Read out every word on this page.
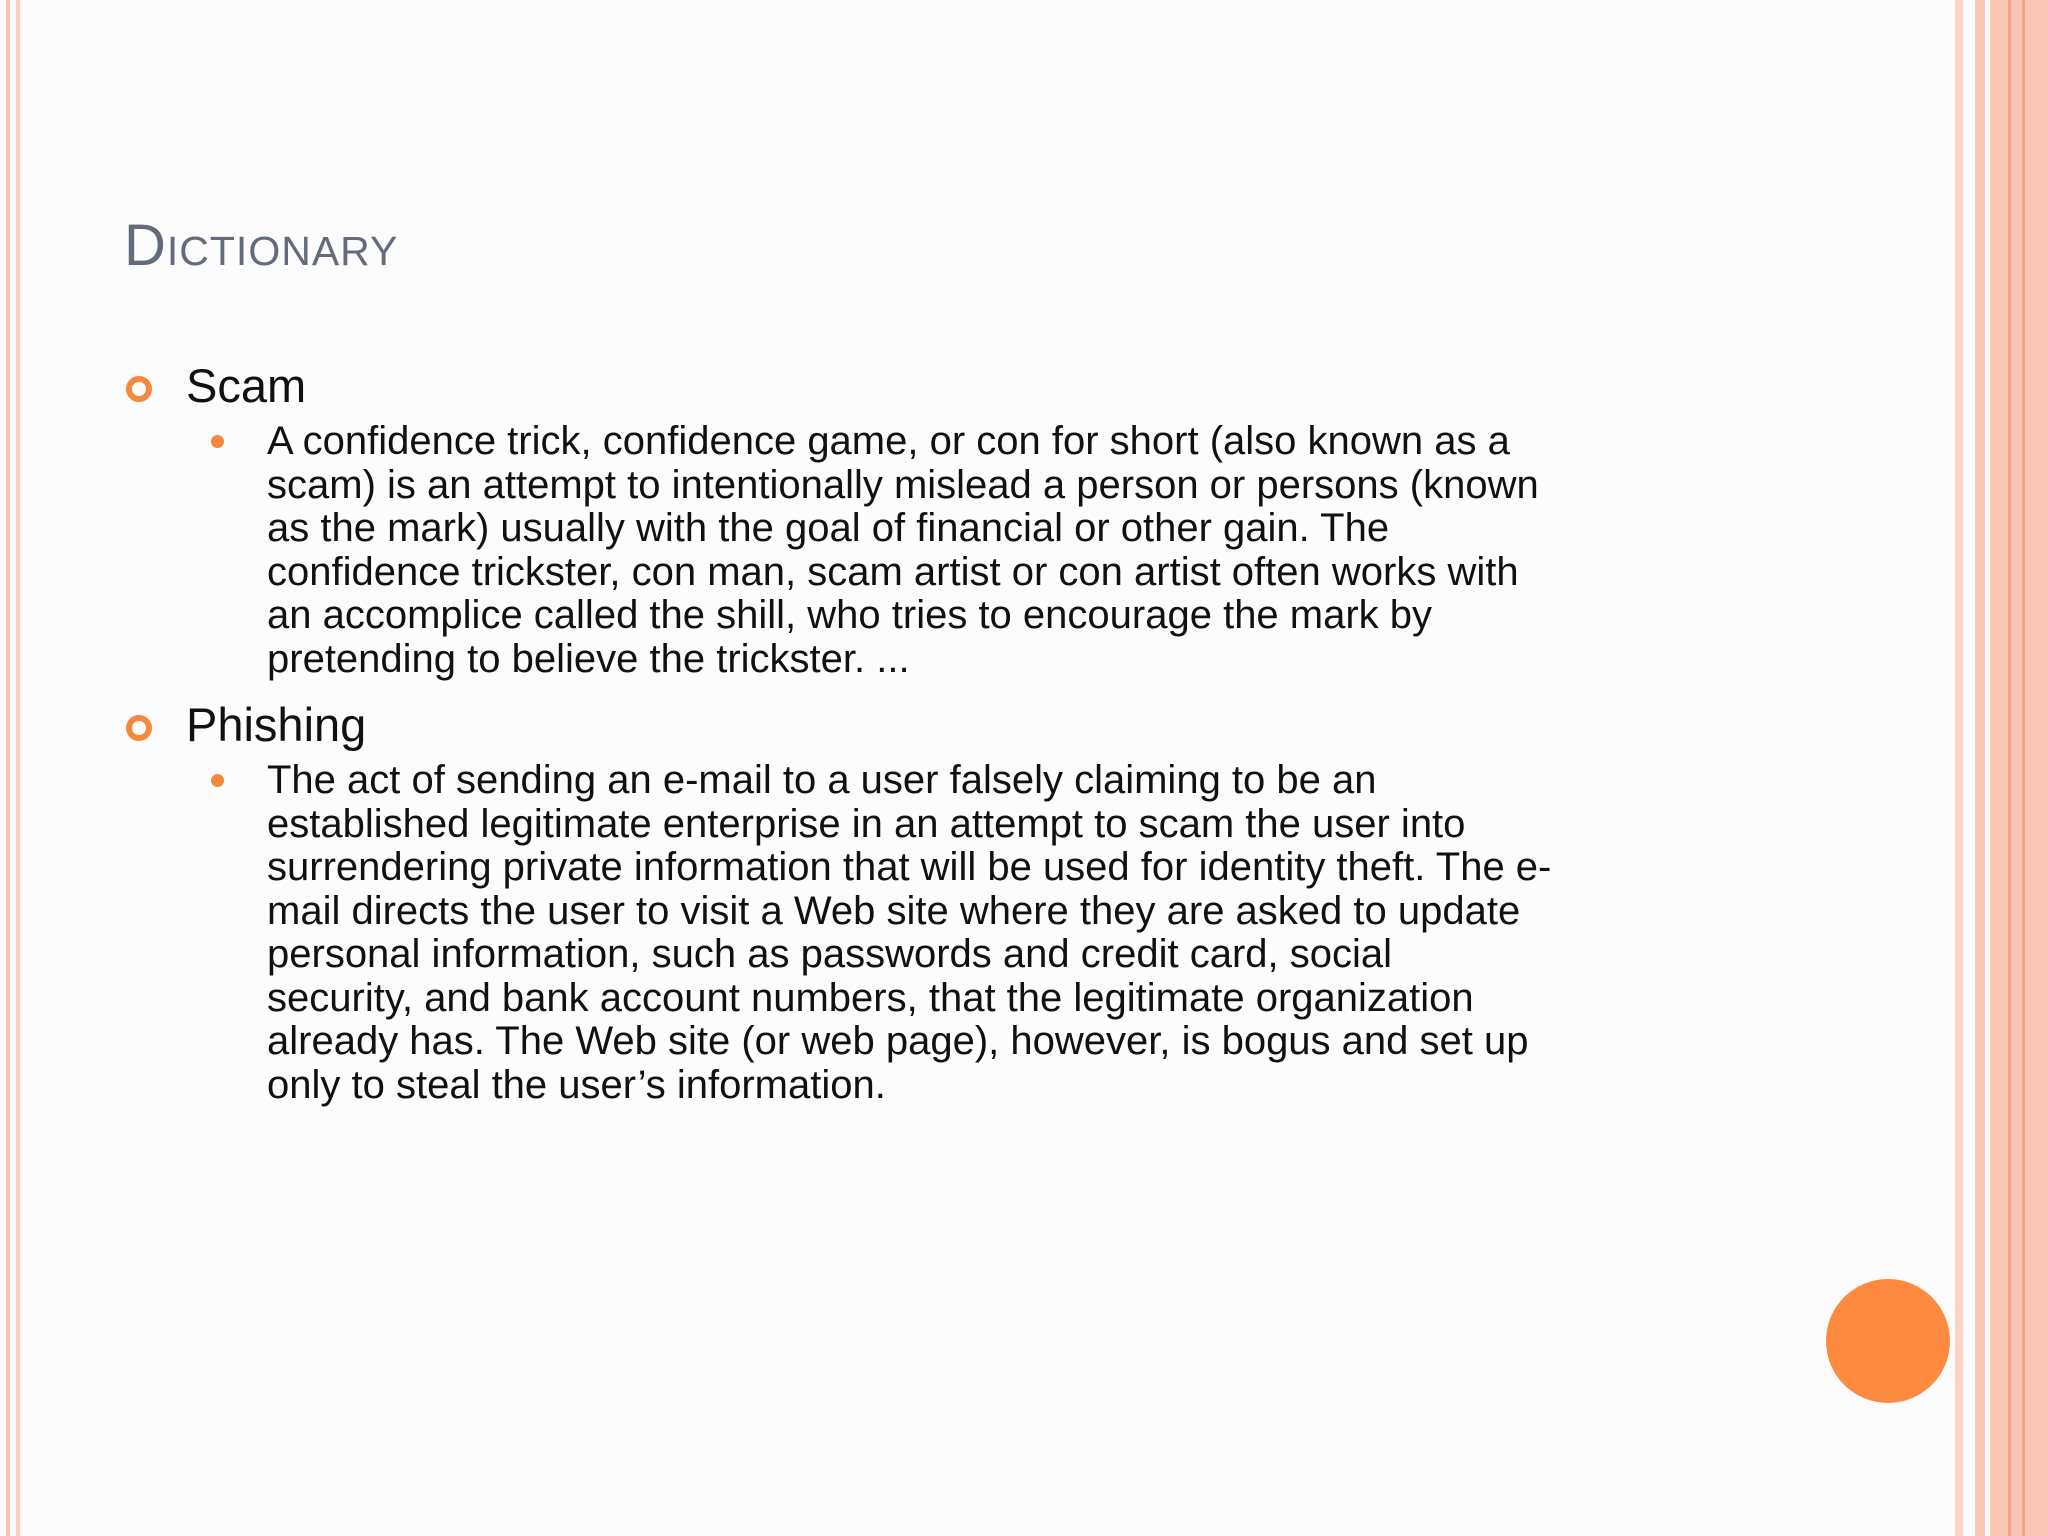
Dictionary
Scam
A confidence trick, confidence game, or con for short (also known as a
scam) is an attempt to intentionally mislead a person or persons (known
as the mark) usually with the goal of financial or other gain. The
confidence trickster, con man, scam artist or con artist often works with
an accomplice called the shill, who tries to encourage the mark by
pretending to believe the trickster. ...
Phishing
The act of sending an e-mail to a user falsely claiming to be an
established legitimate enterprise in an attempt to scam the user into
surrendering private information that will be used for identity theft. The e-
mail directs the user to visit a Web site where they are asked to update
personal information, such as passwords and credit card, social
security, and bank account numbers, that the legitimate organization
already has. The Web site (or web page), however, is bogus and set up
only to steal the user’s information.
